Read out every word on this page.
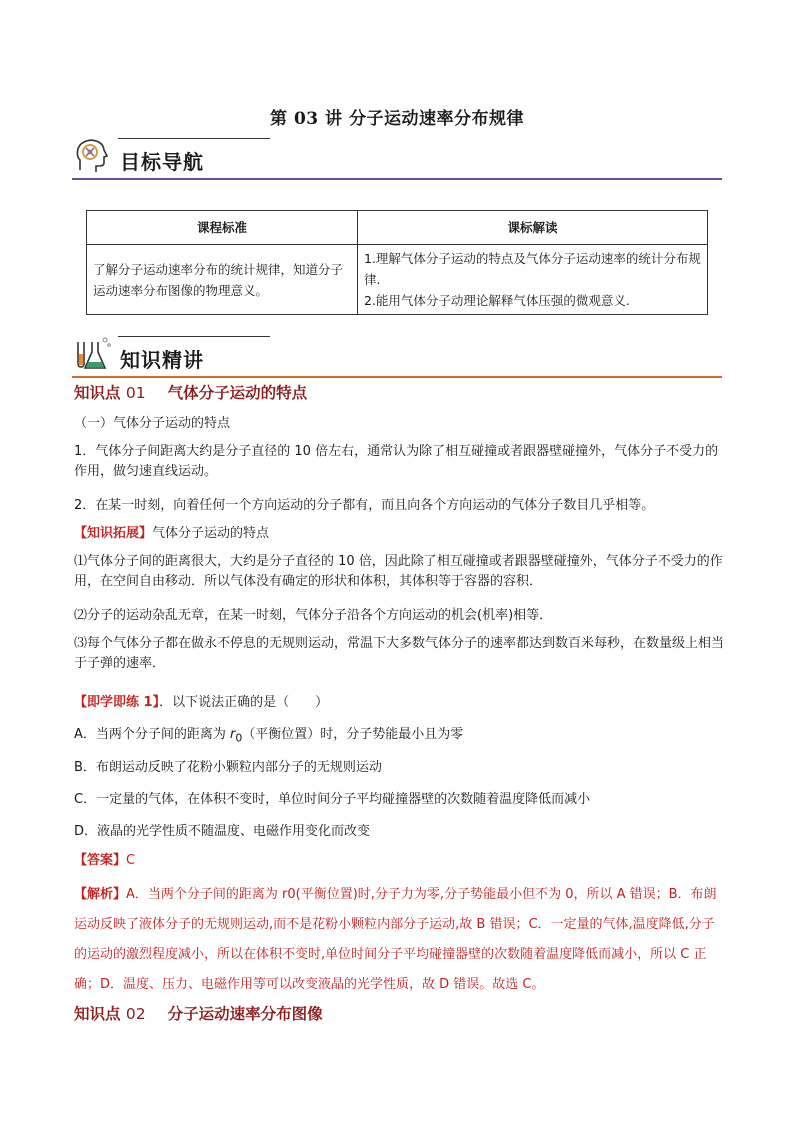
第 03 讲 分子运动速率分布规律
目标导航
课程标准	课标解读
了解分子运动速率分布的统计规律，知道分子运动速率分布图像的物理意义。	1.理解气体分子运动的特点及气体分子运动速率的统计分布规律.
2.能用气体分子动理论解释气体压强的微观意义.
知识精讲
知识点 01 气体分子运动的特点
（一）气体分子运动的特点
1．气体分子间距离大约是分子直径的 10 倍左右，通常认为除了相互碰撞或者跟器壁碰撞外，气体分子不受力的作用，做匀速直线运动。
2．在某一时刻，向着任何一个方向运动的分子都有，而且向各个方向运动的气体分子数目几乎相等。
【知识拓展】气体分子运动的特点
⑴气体分子间的距离很大，大约是分子直径的 10 倍，因此除了相互碰撞或者跟器壁碰撞外，气体分子不受力的作用，在空间自由移动．所以气体没有确定的形状和体积，其体积等于容器的容积．
⑵分子的运动杂乱无章，在某一时刻，气体分子沿各个方向运动的机会(机率)相等．
⑶每个气体分子都在做永不停息的无规则运动，常温下大多数气体分子的速率都达到数百米每秒，在数量级上相当于子弹的速率．
【即学即练 1】．以下说法正确的是（　　）
A．当两个分子间的距离为 $r_0$（平衡位置）时，分子势能最小且为零
B．布朗运动反映了花粉小颗粒内部分子的无规则运动
C．一定量的气体，在体积不变时，单位时间分子平均碰撞器壁的次数随着温度降低而减小
D．液晶的光学性质不随温度、电磁作用变化而改变
【答案】C
【解析】A．当两个分子间的距离为 r0(平衡位置)时,分子力为零,分子势能最小但不为 0，所以 A 错误；B．布朗运动反映了液体分子的无规则运动,而不是花粉小颗粒内部分子运动,故 B 错误；C．一定量的气体,温度降低,分子的运动的激烈程度减小，所以在体积不变时,单位时间分子平均碰撞器壁的次数随着温度降低而减小，所以 C 正确；D．温度、压力、电磁作用等可以改变液晶的光学性质，故 D 错误。故选 C。
知识点 02 分子运动速率分布图像
